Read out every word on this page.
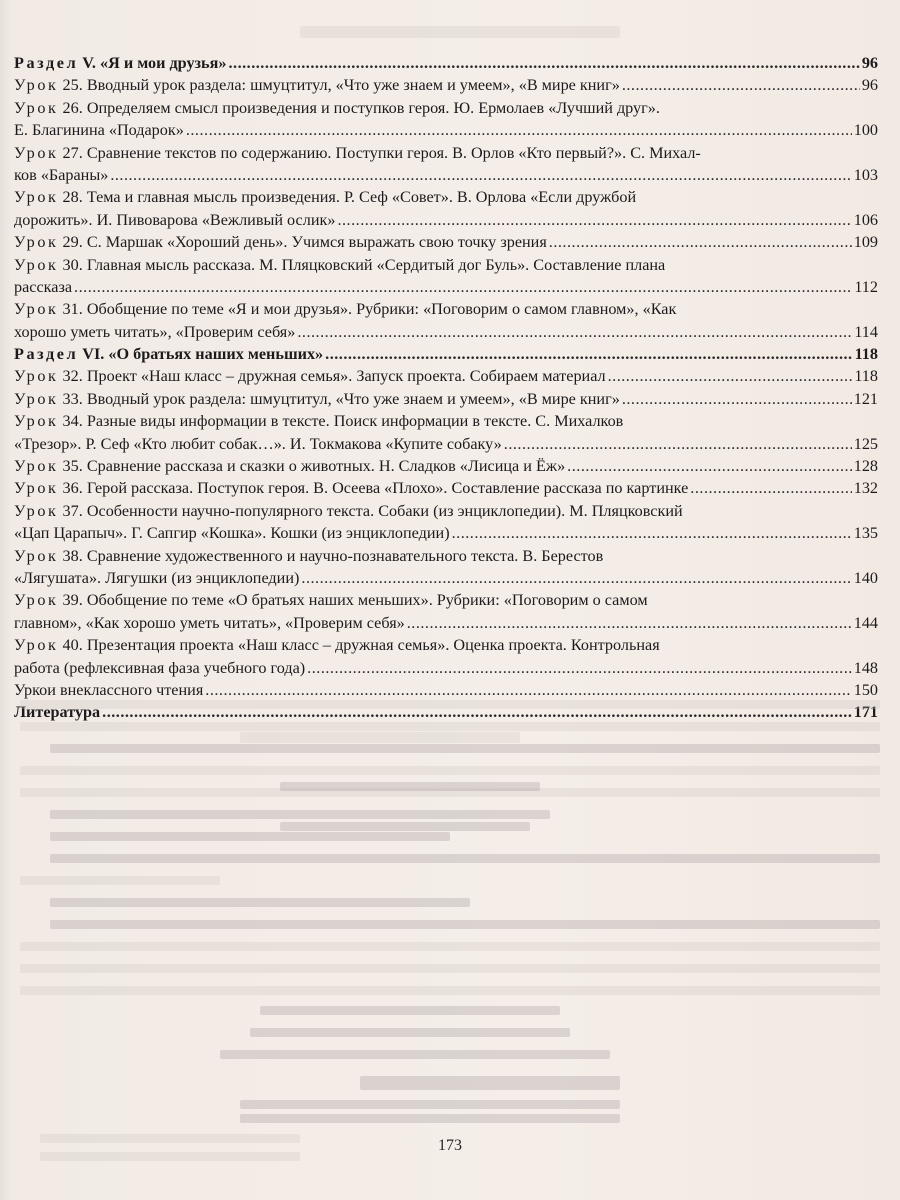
Раздел V. «Я и мои друзья» .....	96
Урок 25. Вводный урок раздела: шмуцтитул, «Что уже знаем и умеем», «В мире книг» .....	96
Урок 26. Определяем смысл произведения и поступков героя. Ю. Ермолаев «Лучший друг».
Е. Благинина «Подарок» .....	100
Урок 27. Сравнение текстов по содержанию. Поступки героя. В. Орлов «Кто первый?». С. Михал-
ков «Бараны» .....	103
Урок 28. Тема и главная мысль произведения. Р. Сеф «Совет». В. Орлова «Если дружбой
дорожить». И. Пивоварова «Вежливый ослик» .....	106
Урок 29. С. Маршак «Хороший день». Учимся выражать свою точку зрения .....	109
Урок 30. Главная мысль рассказа. М. Пляцковский «Сердитый дог Буль». Составление плана
рассказа .....	112
Урок 31. Обобщение по теме «Я и мои друзья». Рубрики: «Поговорим о самом главном», «Как
хорошо уметь читать», «Проверим себя» .....	114
Раздел VI. «О братьях наших меньших» .....	118
Урок 32. Проект «Наш класс – дружная семья». Запуск проекта. Собираем материал .....	118
Урок 33. Вводный урок раздела: шмуцтитул, «Что уже знаем и умеем», «В мире книг» .....	121
Урок 34. Разные виды информации в тексте. Поиск информации в тексте. С. Михалков
«Трезор». Р. Сеф «Кто любит собак…». И. Токмакова «Купите собаку» .....	125
Урок 35. Сравнение рассказа и сказки о животных. Н. Сладков «Лисица и Ёж» .....	128
Урок 36. Герой рассказа. Поступок героя. В. Осеева «Плохо». Составление рассказа по картинке .....	132
Урок 37. Особенности научно-популярного текста. Собаки (из энциклопедии). М. Пляцковский
«Цап Царапыч». Г. Сапгир «Кошка». Кошки (из энциклопедии) .....	135
Урок 38. Сравнение художественного и научно-познавательного текста. В. Берестов
«Лягушата». Лягушки (из энциклопедии) .....	140
Урок 39. Обобщение по теме «О братьях наших меньших». Рубрики: «Поговорим о самом
главном», «Как хорошо уметь читать», «Проверим себя» .....	144
Урок 40. Презентация проекта «Наш класс – дружная семья». Оценка проекта. Контрольная
работа (рефлексивная фаза учебного года) .....	148
Уркои внеклассного чтения .....	150
Литература .....	171
173
